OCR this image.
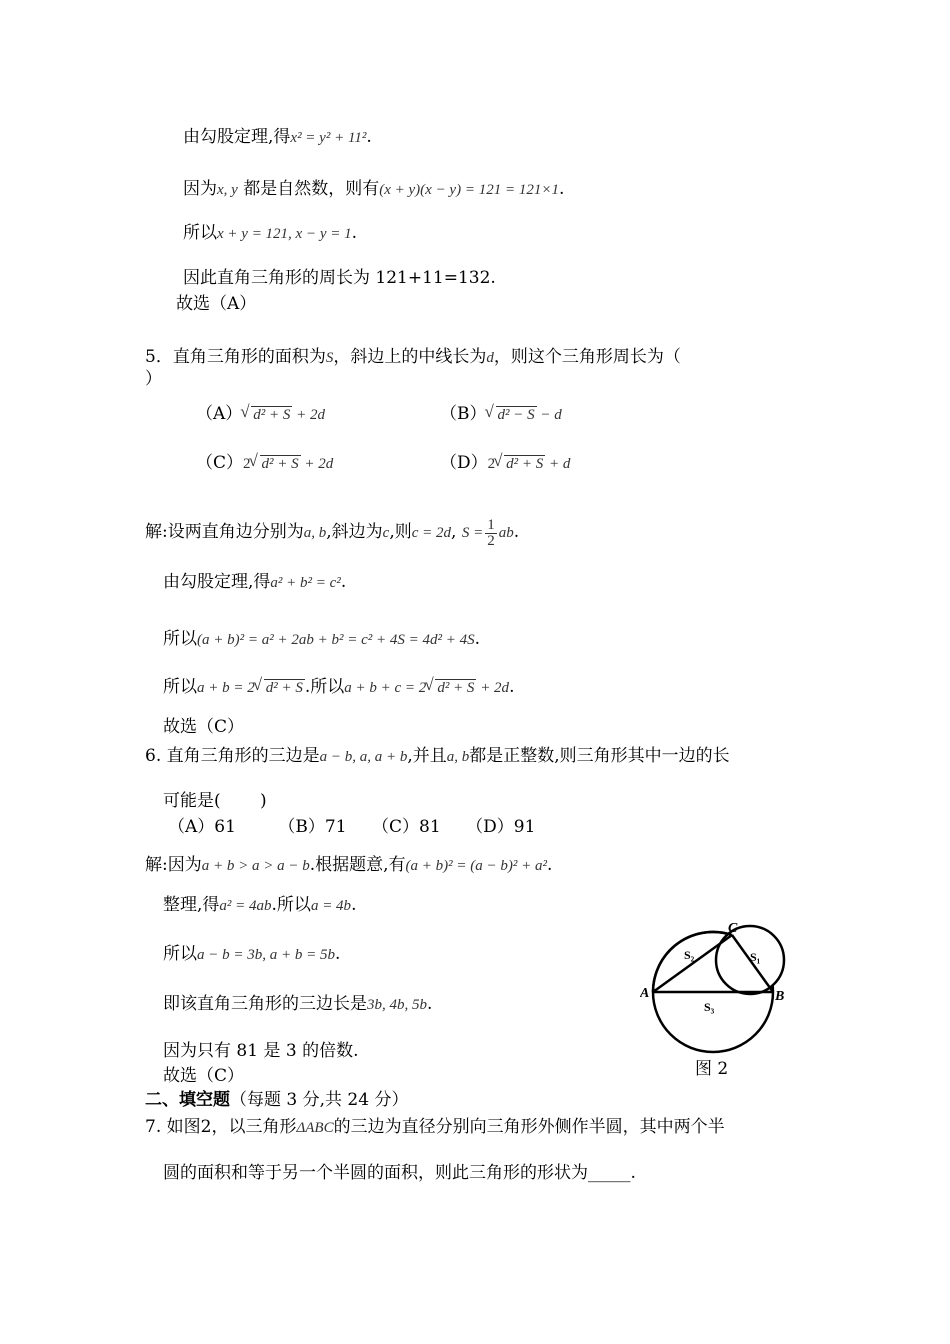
由勾股定理,得x² = y² + 11².
因为x, y 都是自然数，则有(x + y)(x − y) = 121 = 121×1.
所以x + y = 121, x − y = 1.
因此直角三角形的周长为 121+11=132.
故选（A）
5．直角三角形的面积为S，斜边上的中线长为d，则这个三角形周长为（
）
（A） √ d² + S + 2d	（B） √ d² − S − d
（C）2 √ d² + S + 2d	（D）2 √ d² + S + d
解:设两直角边分别为a, b,斜边为c,则c = 2d, $S = \frac{1}{2}$ ab.
由勾股定理,得a² + b² = c².
所以(a + b)² = a² + 2ab + b² = c² + 4S = 4d² + 4S.
所以a + b = 2 √ d² + S .所以a + b + c = 2 √ d² + S + 2d.
故选（C）
6. 直角三角形的三边是a − b, a, a + b,并且a, b都是正整数,则三角形其中一边的长
可能是(　　 )
（A）61　　　（B）71　　（C）81　　（D）91
解:因为a + b > a > a − b.根据题意,有(a + b)² = (a − b)² + a².
整理,得a² = 4ab.所以a = 4b.
所以a − b = 3b, a + b = 5b.
即该直角三角形的三边长是3b, 4b, 5b.
因为只有 81 是 3 的倍数.
故选（C）
二、填空题（每题 3 分,共 24 分）
7. 如图2，以三角形ΔABC的三边为直径分别向三角形外侧作半圆，其中两个半
圆的面积和等于另一个半圆的面积，则此三角形的形状为_____.
A	B
C
S₂	S₁
S₃
图 2
